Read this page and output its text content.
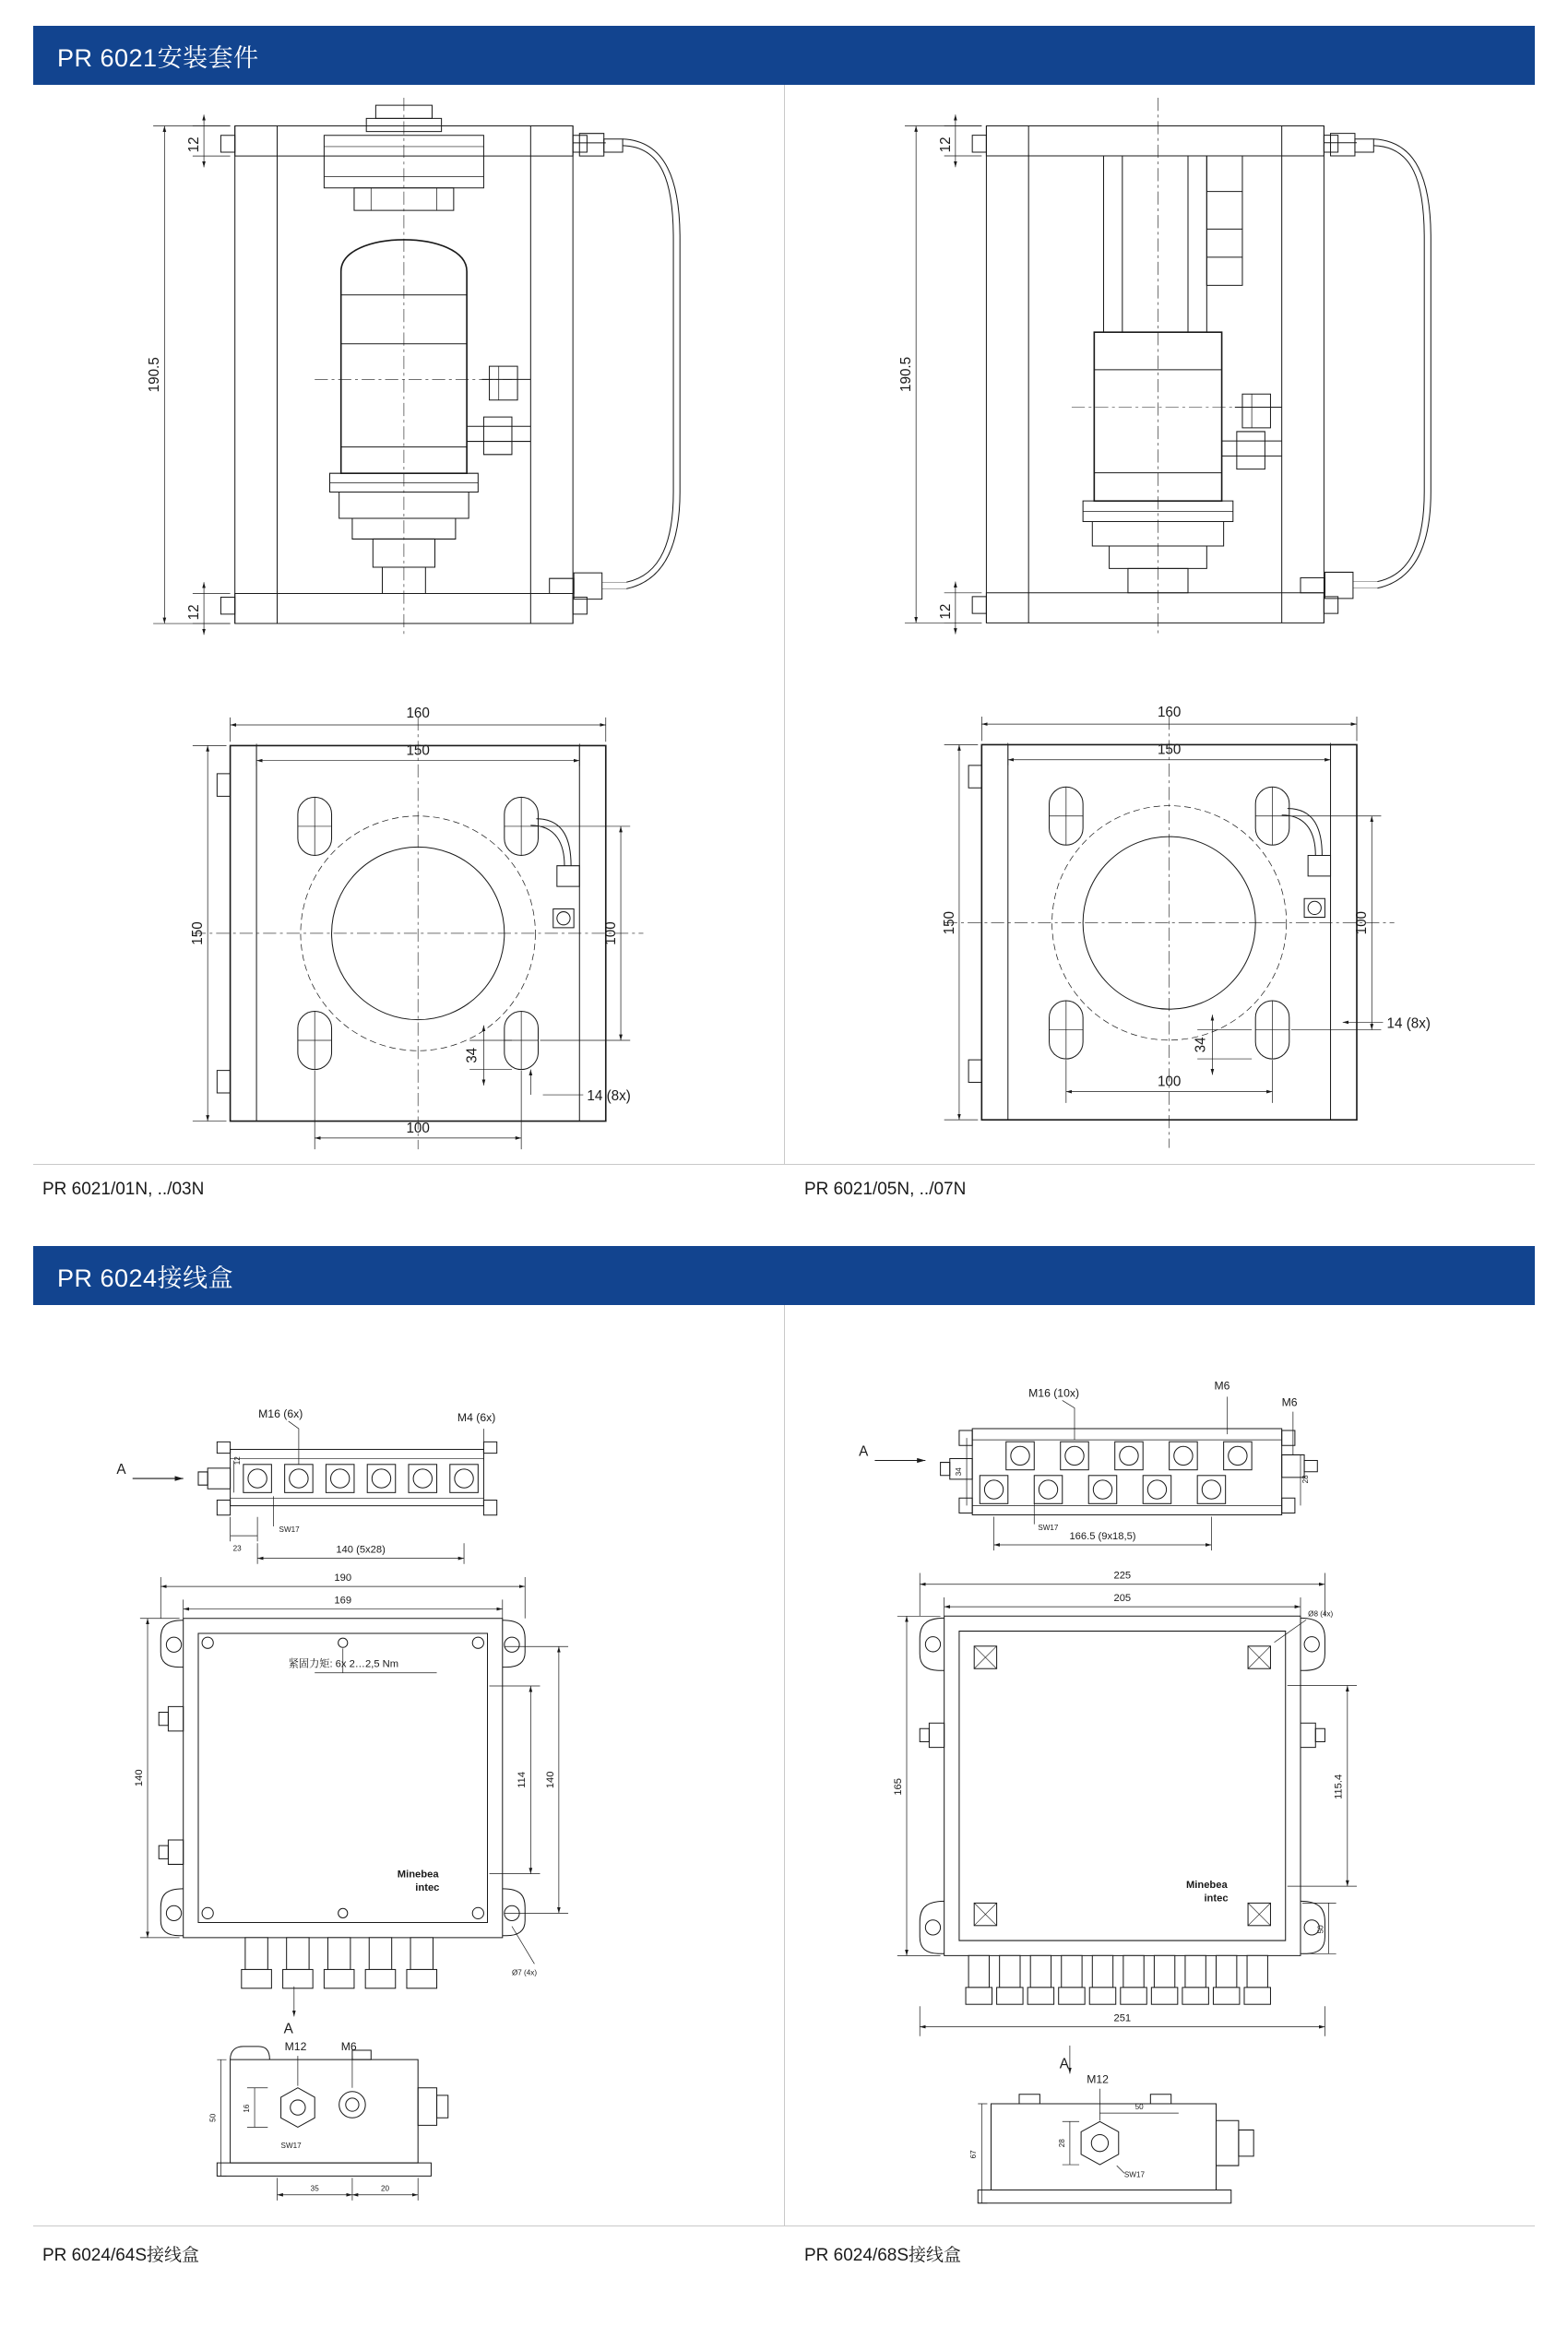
PR 6021安装套件
190.5
12
12
160
150
150	100
100
34
14 (8x)
190.5
12
12
160
150
150	100
100
34
14 (8x)
PR 6021/01N, ../03N	PR 6021/05N, ../07N
PR 6024接线盒
A
M16 (6x)	M4 (6x)
SW17
12
23	140 (5x28)
紧固力矩: 6x 2…2,5 Nm
Minebea
intec
190
169
140	114 140
Ø7 (4x)
A
M12	M6
SW17
50
16
35	20
A
M16 (10x)
M6
M6
SW17
34
28
166.5 (9x18,5)
Minebea
intec
225
205
Ø8 (4x)
165	115.4
50
251
A
M12
SW17
67
28
50
PR 6024/64S接线盒	PR 6024/68S接线盒
